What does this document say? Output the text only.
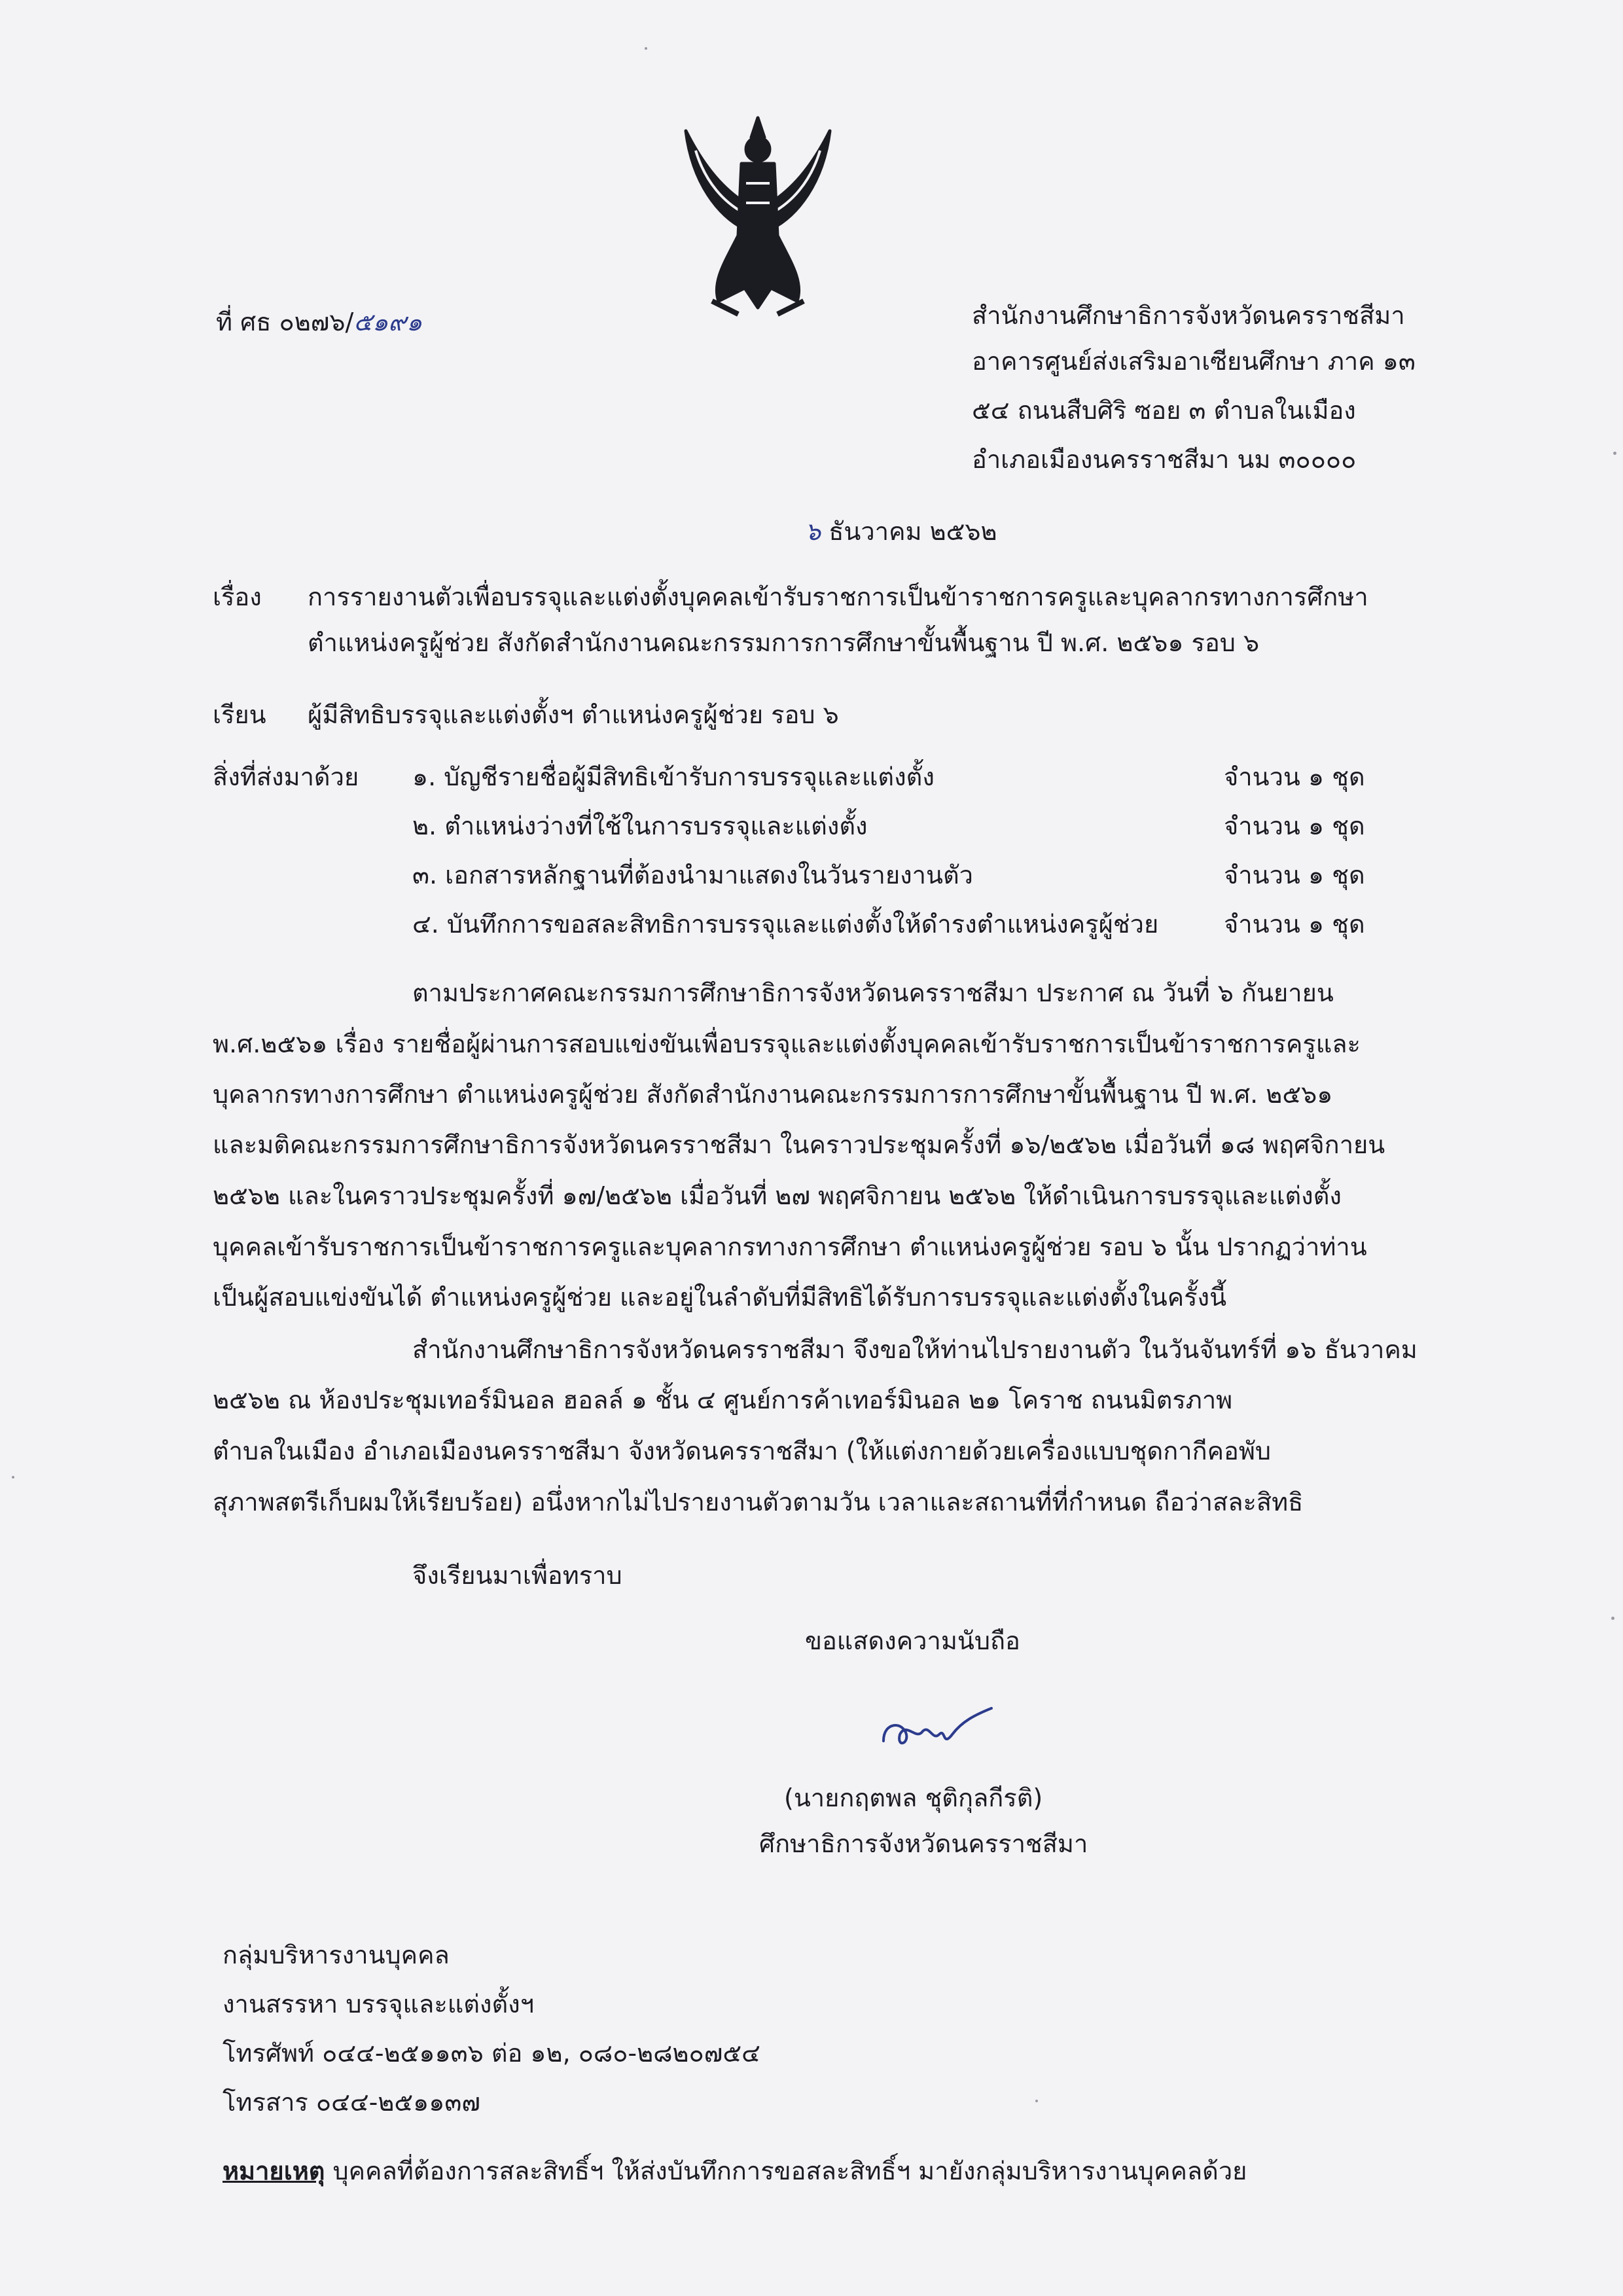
ที่ ศธ ๐๒๗๖/๕๑๙๑	สำนักงานศึกษาธิการจังหวัดนครราชสีมา
อาคารศูนย์ส่งเสริมอาเซียนศึกษา ภาค ๑๓
๕๔ ถนนสืบศิริ ซอย ๓ ตำบลในเมือง
อำเภอเมืองนครราชสีมา นม ๓๐๐๐๐
๖ ธันวาคม ๒๕๖๒
เรื่อง การรายงานตัวเพื่อบรรจุและแต่งตั้งบุคคลเข้ารับราชการเป็นข้าราชการครูและบุคลากรทางการศึกษา
ตำแหน่งครูผู้ช่วย สังกัดสำนักงานคณะกรรมการการศึกษาขั้นพื้นฐาน ปี พ.ศ. ๒๕๖๑ รอบ ๖
เรียน ผู้มีสิทธิบรรจุและแต่งตั้งฯ ตำแหน่งครูผู้ช่วย รอบ ๖
สิ่งที่ส่งมาด้วย ๑. บัญชีรายชื่อผู้มีสิทธิเข้ารับการบรรจุและแต่งตั้ง	จำนวน ๑ ชุด
๒. ตำแหน่งว่างที่ใช้ในการบรรจุและแต่งตั้ง	จำนวน ๑ ชุด
๓. เอกสารหลักฐานที่ต้องนำมาแสดงในวันรายงานตัว	จำนวน ๑ ชุด
๔. บันทึกการขอสละสิทธิการบรรจุและแต่งตั้งให้ดำรงตำแหน่งครูผู้ช่วย	จำนวน ๑ ชุด
ตามประกาศคณะกรรมการศึกษาธิการจังหวัดนครราชสีมา ประกาศ ณ วันที่ ๖ กันยายน
พ.ศ.๒๕๖๑ เรื่อง รายชื่อผู้ผ่านการสอบแข่งขันเพื่อบรรจุและแต่งตั้งบุคคลเข้ารับราชการเป็นข้าราชการครูและ
บุคลากรทางการศึกษา ตำแหน่งครูผู้ช่วย สังกัดสำนักงานคณะกรรมการการศึกษาขั้นพื้นฐาน ปี พ.ศ. ๒๕๖๑
และมติคณะกรรมการศึกษาธิการจังหวัดนครราชสีมา ในคราวประชุมครั้งที่ ๑๖/๒๕๖๒ เมื่อวันที่ ๑๘ พฤศจิกายน
๒๕๖๒ และในคราวประชุมครั้งที่ ๑๗/๒๕๖๒ เมื่อวันที่ ๒๗ พฤศจิกายน ๒๕๖๒ ให้ดำเนินการบรรจุและแต่งตั้ง
บุคคลเข้ารับราชการเป็นข้าราชการครูและบุคลากรทางการศึกษา ตำแหน่งครูผู้ช่วย รอบ ๖ นั้น ปรากฏว่าท่าน
เป็นผู้สอบแข่งขันได้ ตำแหน่งครูผู้ช่วย และอยู่ในลำดับที่มีสิทธิได้รับการบรรจุและแต่งตั้งในครั้งนี้
สำนักงานศึกษาธิการจังหวัดนครราชสีมา จึงขอให้ท่านไปรายงานตัว ในวันจันทร์ที่ ๑๖ ธันวาคม
๒๕๖๒ ณ ห้องประชุมเทอร์มินอล ฮอลล์ ๑ ชั้น ๔ ศูนย์การค้าเทอร์มินอล ๒๑ โคราช ถนนมิตรภาพ
ตำบลในเมือง อำเภอเมืองนครราชสีมา จังหวัดนครราชสีมา (ให้แต่งกายด้วยเครื่องแบบชุดกากีคอพับ
สุภาพสตรีเก็บผมให้เรียบร้อย) อนึ่งหากไม่ไปรายงานตัวตามวัน เวลาและสถานที่ที่กำหนด ถือว่าสละสิทธิ
จึงเรียนมาเพื่อทราบ
ขอแสดงความนับถือ
(นายกฤตพล ชุติกุลกีรติ)
ศึกษาธิการจังหวัดนครราชสีมา
กลุ่มบริหารงานบุคคล
งานสรรหา บรรจุและแต่งตั้งฯ
โทรศัพท์ ๐๔๔-๒๕๑๑๓๖ ต่อ ๑๒, ๐๘๐-๒๘๒๐๗๕๔
โทรสาร ๐๔๔-๒๕๑๑๓๗
หมายเหตุ บุคคลที่ต้องการสละสิทธิ์ฯ ให้ส่งบันทึกการขอสละสิทธิ์ฯ มายังกลุ่มบริหารงานบุคคลด้วย
